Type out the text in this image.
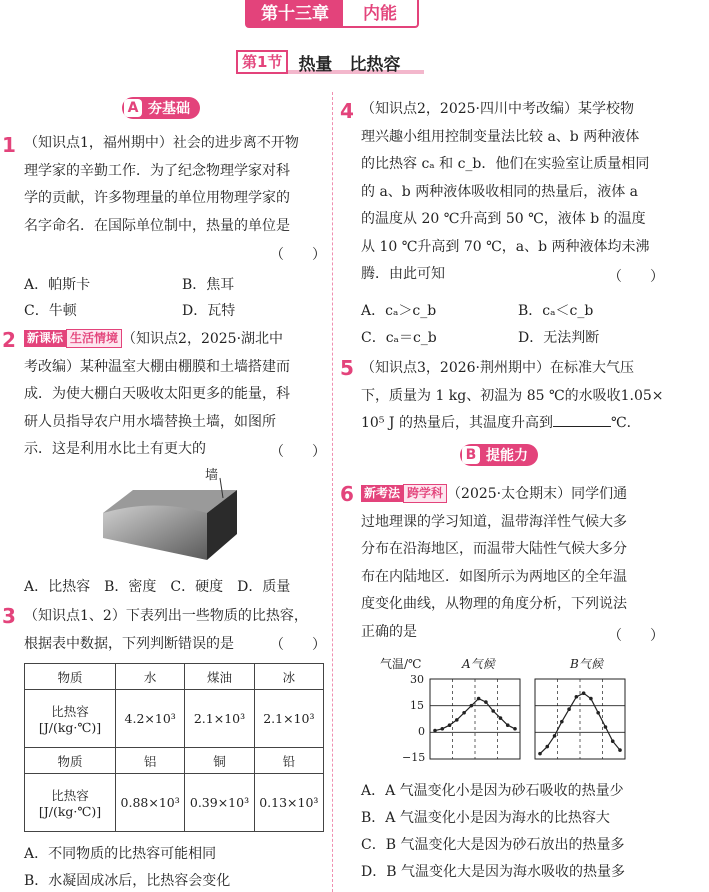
第十三章	内能
第1节 热量　比热容
A 夯基础
1 （知识点1，福州期中）社会的进步离不开物
理学家的辛勤工作．为了纪念物理学家对科
学的贡献，许多物理量的单位用物理学家的
名字命名．在国际单位制中，热量的单位是
（　　）
A．帕斯卡	B．焦耳
C．牛顿	D．瓦特
2 新课标 生活情境 （知识点2，2025·湖北中
考改编）某种温室大棚由棚膜和土墙搭建而
成．为使大棚白天吸收太阳更多的能量，科
研人员指导农户用水墙替换土墙，如图所
示．这是利用水比土有更大的	（　　）
墙
A．比热容　B．密度　C．硬度　D．质量
3 （知识点1、2）下表列出一些物质的比热容，
根据表中数据，下列判断错误的是	（　　）
物质	水	煤油	冰

比热容
[J/(kg·℃)]	4.2×10³	2.1×10³	2.1×10³
物质	铝	铜	铅

比热容
[J/(kg·℃)]	0.88×10³	0.39×10³	0.13×10³
A．不同物质的比热容可能相同
B．水凝固成冰后，比热容会变化
4 （知识点2，2025·四川中考改编）某学校物
理兴趣小组用控制变量法比较 a、b 两种液体
的比热容 cₐ 和 c_b．他们在实验室让质量相同
的 a、b 两种液体吸收相同的热量后，液体 a
的温度从 20 ℃升高到 50 ℃，液体 b 的温度
从 10 ℃升高到 70 ℃，a、b 两种液体均未沸
腾．由此可知	（　　）
A．cₐ＞c_b	B．cₐ＜c_b
C．cₐ＝c_b	D．无法判断
5 （知识点3，2026·荆州期中）在标准大气压
下，质量为 1 kg、初温为 85 ℃的水吸收1.05×
10⁵ J 的热量后，其温度升高到	℃．
B 提能力
6 新考法 跨学科 （2025·太仓期末）同学们通
过地理课的学习知道，温带海洋性气候大多
分布在沿海地区，而温带大陆性气候大多分
布在内陆地区．如图所示为两地区的全年温
度变化曲线，从物理的角度分析，下列说法
正确的是	（　　）
气温/℃	A气候	B气候
30
15
0
−15
A．A 气温变化小是因为砂石吸收的热量少
B．A 气温变化小是因为海水的比热容大
C．B 气温变化大是因为砂石放出的热量多
D．B 气温变化大是因为海水吸收的热量多
